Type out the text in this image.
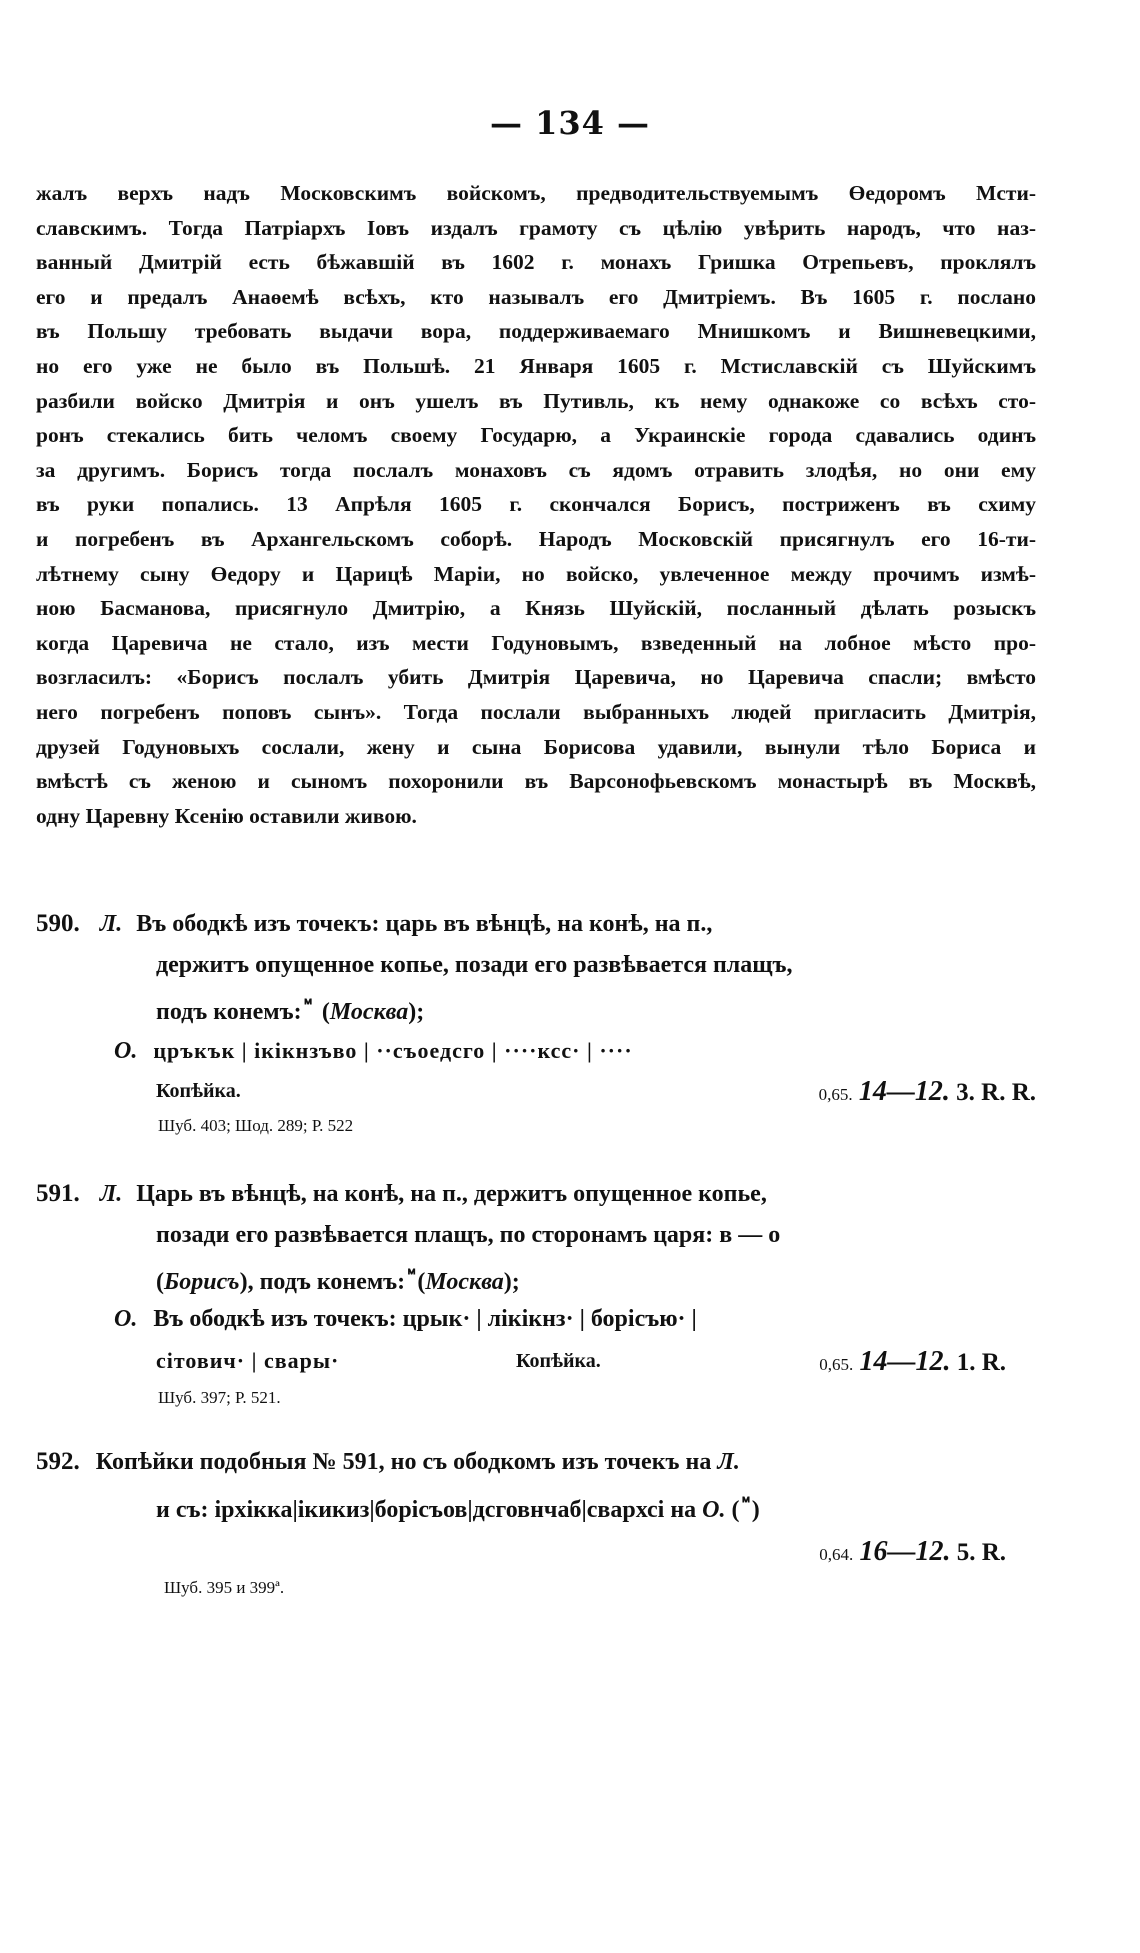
— 134 —
жалъ верхъ надъ Московскимъ войскомъ, предводительствуемымъ Өедоромъ Мсти-
славскимъ. Тогда Патріархъ Іовъ издалъ грамоту съ цѣлію увѣрить народъ, что наз-
ванный Дмитрій есть бѣжавшій въ 1602 г. монахъ Гришка Отрепьевъ, проклялъ
его и предалъ Анаөемѣ всѣхъ, кто называлъ его Дмитріемъ. Въ 1605 г. послано
въ Польшу требовать выдачи вора, поддерживаемаго Мнишкомъ и Вишневецкими,
но его уже не было въ Польшѣ. 21 Января 1605 г. Мстиславскій съ Шуйскимъ
разбили войско Дмитрія и онъ ушелъ въ Путивль, къ нему однакоже со всѣхъ сто-
ронъ стекались бить челомъ своему Государю, а Украинскіе города сдавались одинъ
за другимъ. Борисъ тогда послалъ монаховъ съ ядомъ отравить злодѣя, но они ему
въ руки попались. 13 Апрѣля 1605 г. скончался Борисъ, постриженъ въ схиму
и погребенъ въ Архангельскомъ соборѣ. Народъ Московскій присягнулъ его 16-ти-
лѣтнему сыну Өедору и Царицѣ Маріи, но войско, увлеченное между прочимъ измѣ-
ною Басманова, присягнуло Дмитрію, а Князь Шуйскій, посланный дѣлать розыскъ
когда Царевича не стало, изъ мести Годуновымъ, взведенный на лобное мѣсто про-
возгласилъ: «Борисъ послалъ убить Дмитрія Царевича, но Царевича спасли; вмѣсто
него погребенъ поповъ сынъ». Тогда послали выбранныхъ людей пригласить Дмитрія,
друзей Годуновыхъ сослали, жену и сына Борисова удавили, вынули тѣло Бориса и
вмѣстѣ съ женою и сыномъ похоронили въ Варсонофьевскомъ монастырѣ въ Москвѣ,
одну Царевну Ксенію оставили живою.
590. Л. Въ ободкѣ изъ точекъ: царь въ вѣнцѣ, на конѣ, на п.,
держитъ опущенное копье, позади его развѣвается плащъ,
подъ конемъ: ⷨ (Москва);
О. цръкък | ікікнзъво | ··съоедсго | ····ксс· | ····
Копѣйка.	0,65. 14—12. 3. R. R.
Шуб. 403; Шод. 289; Р. 522
591. Л. Царь въ вѣнцѣ, на конѣ, на п., держитъ опущенное копье,
позади его развѣвается плащъ, по сторонамъ царя: в — о
(Борисъ), подъ конемъ: ⷨ (Москва);
О. Въ ободкѣ изъ точекъ: црык· | лікікнз· | борісъю· |
сітович· | свары·	Копѣйка.	0,65. 14—12. 1. R.
Шуб. 397; Р. 521.
592. Копѣйки подобныя № 591, но съ ободкомъ изъ точекъ на Л.
и съ: ірхікка|ікикиз|борісъов|дсговнчаб|свархсі на О. ( ⷨ )
0,64. 16—12. 5. R.
Шуб. 395 и 399ª.
